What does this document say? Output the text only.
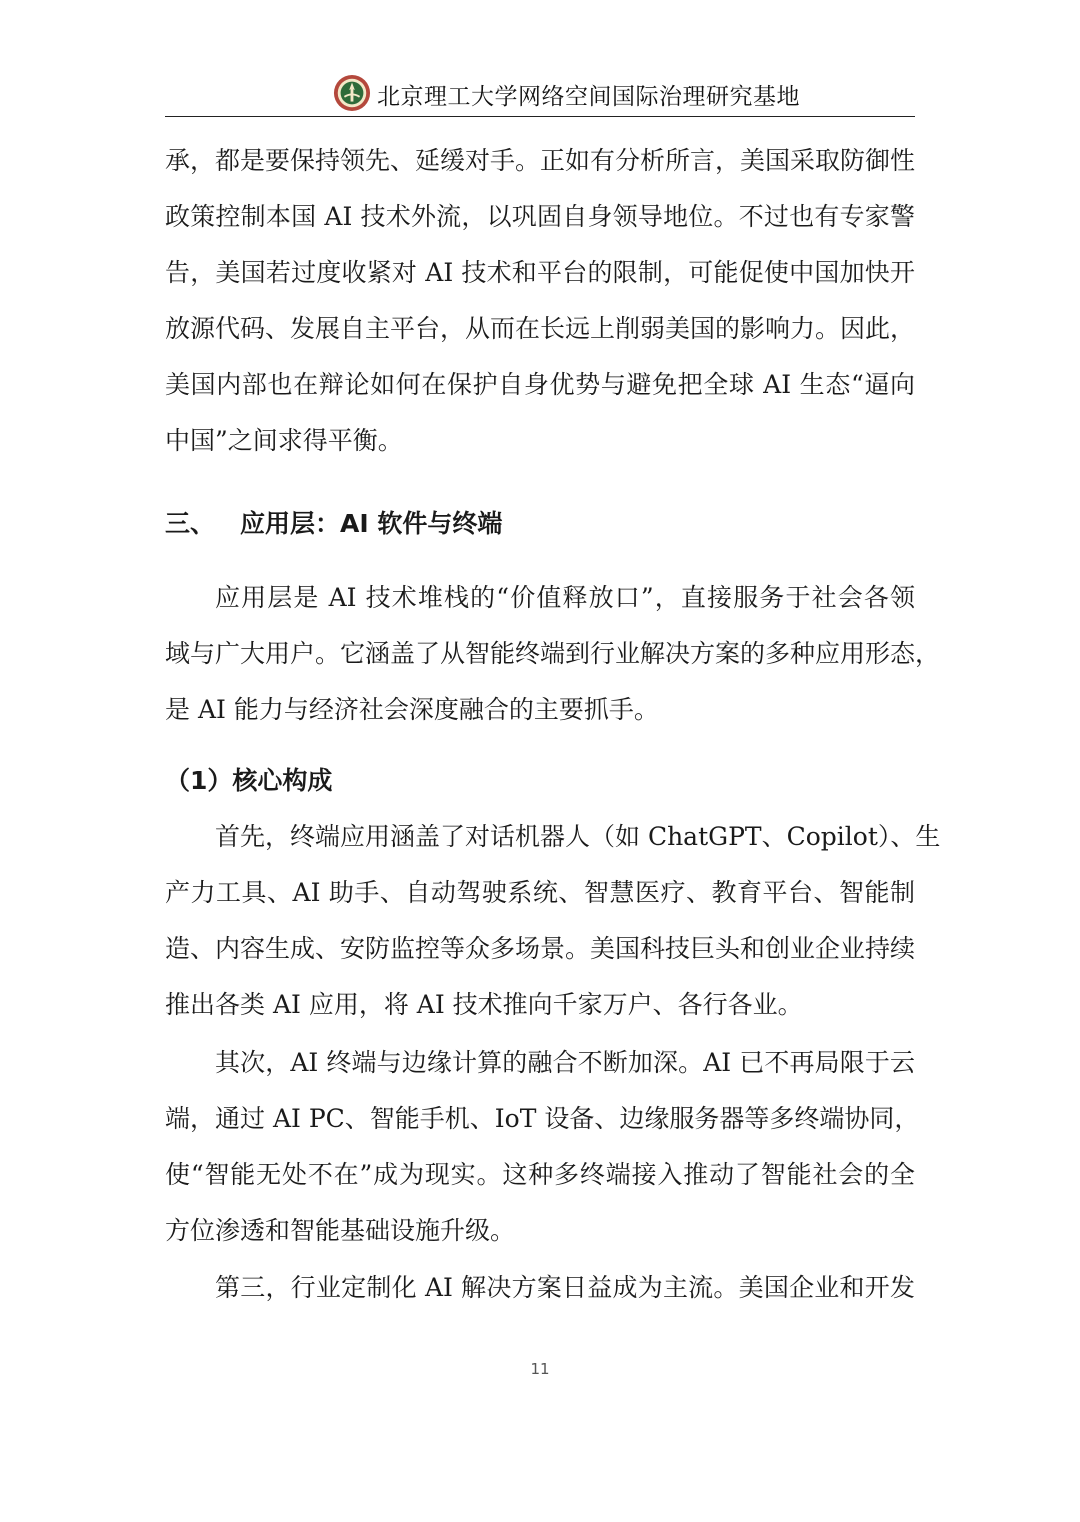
北京理工大学网络空间国际治理研究基地
承，都是要保持领先、延缓对手。正如有分析所言，美国采取防御性
政策控制本国 AI 技术外流，以巩固自身领导地位。不过也有专家警
告，美国若过度收紧对 AI 技术和平台的限制，可能促使中国加快开
放源代码、发展自主平台，从而在长远上削弱美国的影响力。因此，
美国内部也在辩论如何在保护自身优势与避免把全球 AI 生态“逼向
中国”之间求得平衡。
三、 应用层：AI 软件与终端
应用层是 AI 技术堆栈的“价值释放口”，直接服务于社会各领
域与广大用户。它涵盖了从智能终端到行业解决方案的多种应用形态，
是 AI 能力与经济社会深度融合的主要抓手。
（1）核心构成
首先，终端应用涵盖了对话机器人（如 ChatGPT、Copilot）、生
产力工具、AI 助手、自动驾驶系统、智慧医疗、教育平台、智能制
造、内容生成、安防监控等众多场景。美国科技巨头和创业企业持续
推出各类 AI 应用，将 AI 技术推向千家万户、各行各业。
其次，AI 终端与边缘计算的融合不断加深。AI 已不再局限于云
端，通过 AI PC、智能手机、IoT 设备、边缘服务器等多终端协同，
使“智能无处不在”成为现实。这种多终端接入推动了智能社会的全
方位渗透和智能基础设施升级。
第三，行业定制化 AI 解决方案日益成为主流。美国企业和开发
11
